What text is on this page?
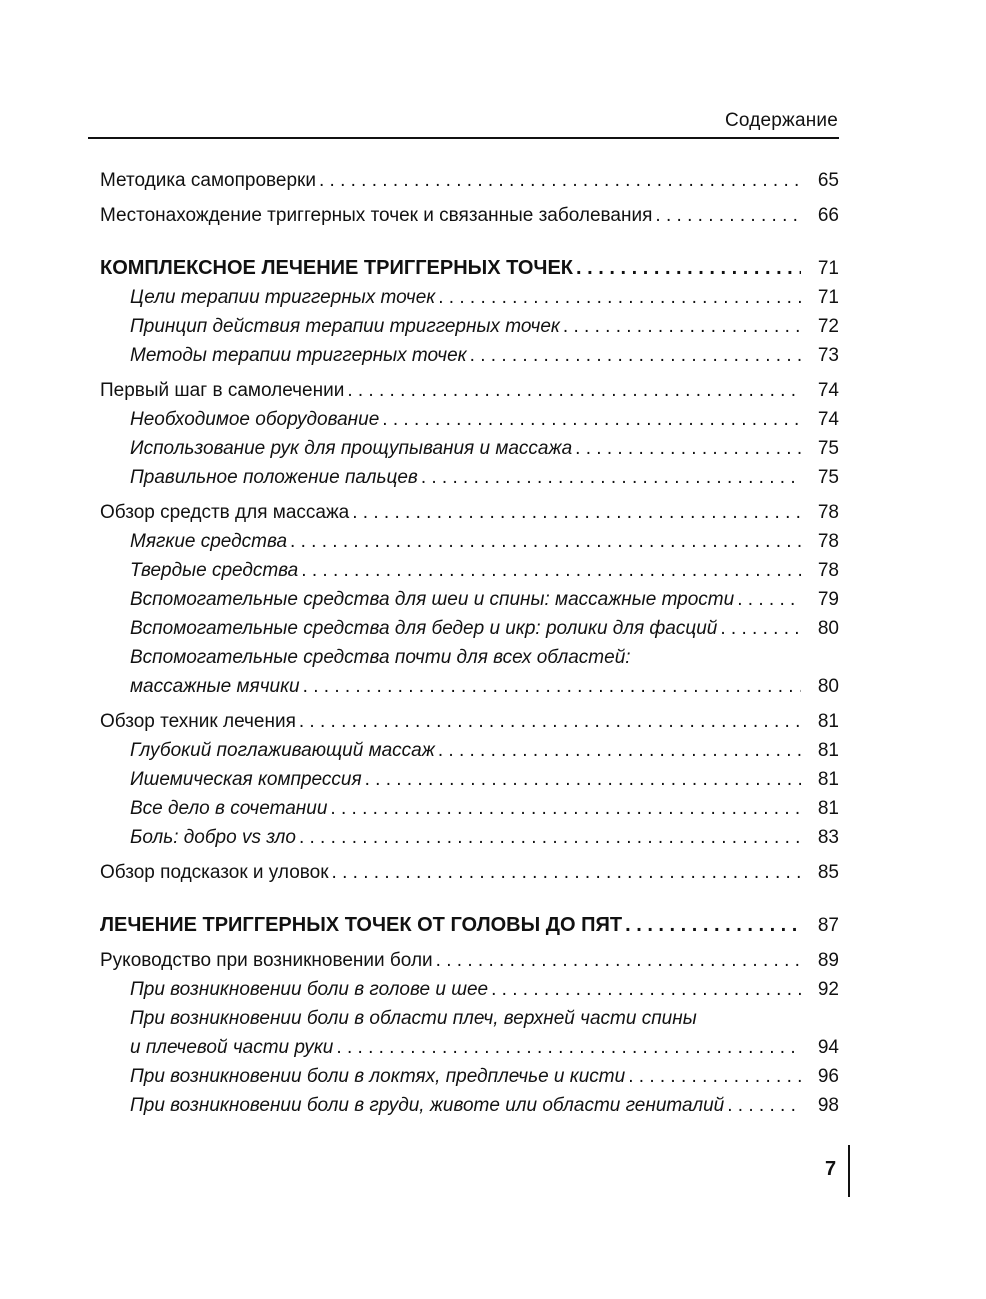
Содержание
Методика самопроверки . . .	65
Местонахождение триггерных точек и связанные заболевания . . .	66
КОМПЛЕКСНОЕ ЛЕЧЕНИЕ ТРИГГЕРНЫХ ТОЧЕК . . .	71
Цели терапии триггерных точек . . .	71
Принцип действия терапии триггерных точек . . .	72
Методы терапии триггерных точек . . .	73
Первый шаг в самолечении . . .	74
Необходимое оборудование . . .	74
Использование рук для прощупывания и массажа . . .	75
Правильное положение пальцев . . .	75
Обзор средств для массажа . . .	78
Мягкие средства . . .	78
Твердые средства . . .	78
Вспомогательные средства для шеи и спины: массажные трости . . .	79
Вспомогательные средства для бедер и икр: ролики для фасций . . .	80
Вспомогательные средства почти для всех областей:
массажные мячики . . .	80
Обзор техник лечения . . .	81
Глубокий поглаживающий массаж . . .	81
Ишемическая компрессия . . .	81
Все дело в сочетании . . .	81
Боль: добро vs зло . . .	83
Обзор подсказок и уловок . . .	85
ЛЕЧЕНИЕ ТРИГГЕРНЫХ ТОЧЕК ОТ ГОЛОВЫ ДО ПЯТ . . .	87
Руководство при возникновении боли . . .	89
При возникновении боли в голове и шее . . .	92
При возникновении боли в области плеч, верхней части спины
и плечевой части руки . . .	94
При возникновении боли в локтях, предплечье и кисти . . .	96
При возникновении боли в груди, животе или области гениталий . . .	98
7
